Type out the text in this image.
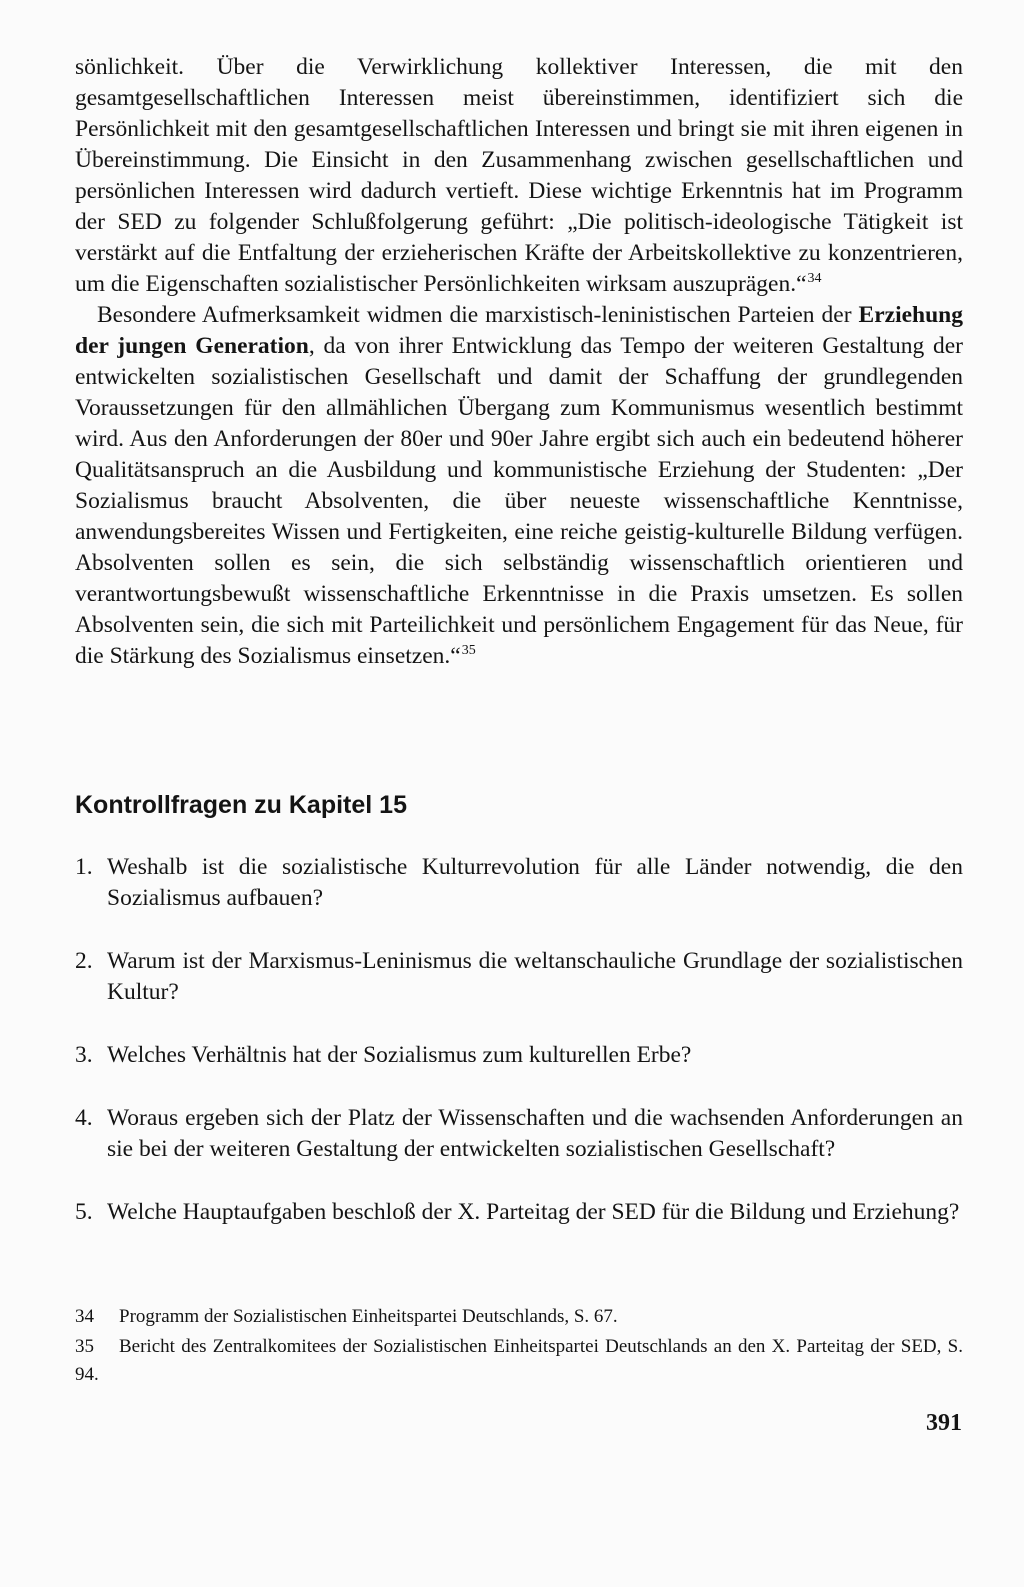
sönlichkeit. Über die Verwirklichung kollektiver Interessen, die mit den gesamtgesellschaftlichen Interessen meist übereinstimmen, identifiziert sich die Persönlichkeit mit den gesamtgesellschaftlichen Interessen und bringt sie mit ihren eigenen in Übereinstimmung. Die Einsicht in den Zusammenhang zwischen gesellschaftlichen und persönlichen Interessen wird dadurch vertieft. Diese wichtige Erkenntnis hat im Programm der SED zu folgender Schlußfolgerung geführt: „Die politisch-ideologische Tätigkeit ist verstärkt auf die Entfaltung der erzieherischen Kräfte der Arbeitskollektive zu konzentrieren, um die Eigenschaften sozialistischer Persönlichkeiten wirksam auszuprägen.“$^{34}$

Besondere Aufmerksamkeit widmen die marxistisch-leninistischen Parteien der Erziehung der jungen Generation, da von ihrer Entwicklung das Tempo der weiteren Gestaltung der entwickelten sozialistischen Gesellschaft und damit der Schaffung der grundlegenden Voraussetzungen für den allmählichen Übergang zum Kommunismus wesentlich bestimmt wird. Aus den Anforderungen der 80er und 90er Jahre ergibt sich auch ein bedeutend höherer Qualitätsanspruch an die Ausbildung und kommunistische Erziehung der Studenten: „Der Sozialismus braucht Absolventen, die über neueste wissenschaftliche Kenntnisse, anwendungsbereites Wissen und Fertigkeiten, eine reiche geistig-kulturelle Bildung verfügen. Absolventen sollen es sein, die sich selbständig wissenschaftlich orientieren und verantwortungsbewußt wissenschaftliche Erkenntnisse in die Praxis umsetzen. Es sollen Absolventen sein, die sich mit Parteilichkeit und persönlichem Engagement für das Neue, für die Stärkung des Sozialismus einsetzen.“$^{35}$

Kontrollfragen zu Kapitel 15
1. Weshalb ist die sozialistische Kulturrevolution für alle Länder notwendig, die den Sozialismus aufbauen?
2. Warum ist der Marxismus-Leninismus die weltanschauliche Grundlage der sozialistischen Kultur?
3. Welches Verhältnis hat der Sozialismus zum kulturellen Erbe?
4. Woraus ergeben sich der Platz der Wissenschaften und die wachsenden Anforderungen an sie bei der weiteren Gestaltung der entwickelten sozialistischen Gesellschaft?
5. Welche Hauptaufgaben beschloß der X. Parteitag der SED für die Bildung und Erziehung?
34 Programm der Sozialistischen Einheitspartei Deutschlands, S. 67.
35 Bericht des Zentralkomitees der Sozialistischen Einheitspartei Deutschlands an den X. Parteitag der SED, S. 94.
391
